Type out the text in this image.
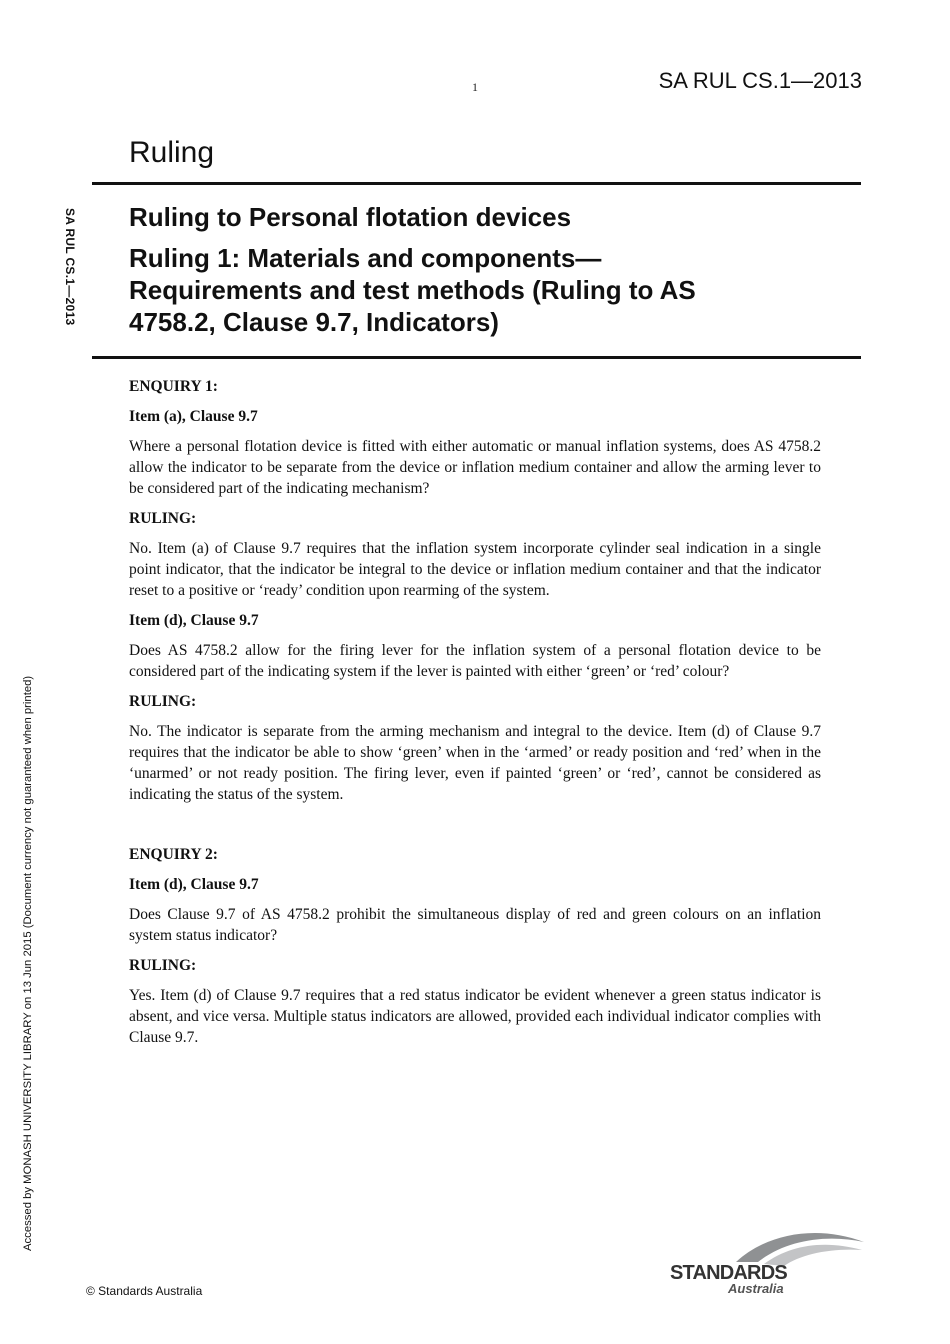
1	SA RUL CS.1—2013
Ruling
SA RUL CS.1—2013
Accessed by MONASH UNIVERSITY LIBRARY on 13 Jun 2015 (Document currency not guaranteed when printed)
Ruling to Personal flotation devices
Ruling 1: Materials and components— Requirements and test methods (Ruling to AS 4758.2, Clause 9.7, Indicators)

ENQUIRY 1:

Item (a), Clause 9.7

Where a personal flotation device is fitted with either automatic or manual inflation systems, does AS 4758.2 allow the indicator to be separate from the device or inflation medium container and allow the arming lever to be considered part of the indicating mechanism?

RULING:

No. Item (a) of Clause 9.7 requires that the inflation system incorporate cylinder seal indication in a single point indicator, that the indicator be integral to the device or inflation medium container and that the indicator reset to a positive or ‘ready’ condition upon rearming of the system.

Item (d), Clause 9.7

Does AS 4758.2 allow for the firing lever for the inflation system of a personal flotation device to be considered part of the indicating system if the lever is painted with either ‘green’ or ‘red’ colour?

RULING:

No. The indicator is separate from the arming mechanism and integral to the device. Item (d) of Clause 9.7 requires that the indicator be able to show ‘green’ when in the ‘armed’ or ready position and ‘red’ when in the ‘unarmed’ or not ready position. The firing lever, even if painted ‘green’ or ‘red’, cannot be considered as indicating the status of the system.

ENQUIRY 2:

Item (d), Clause 9.7

Does Clause 9.7 of AS 4758.2 prohibit the simultaneous display of red and green colours on an inflation system status indicator?

RULING:

Yes. Item (d) of Clause 9.7 requires that a red status indicator be evident whenever a green status indicator is absent, and vice versa. Multiple status indicators are allowed, provided each individual indicator complies with Clause 9.7.

© Standards Australia
STANDARDS
Australia
